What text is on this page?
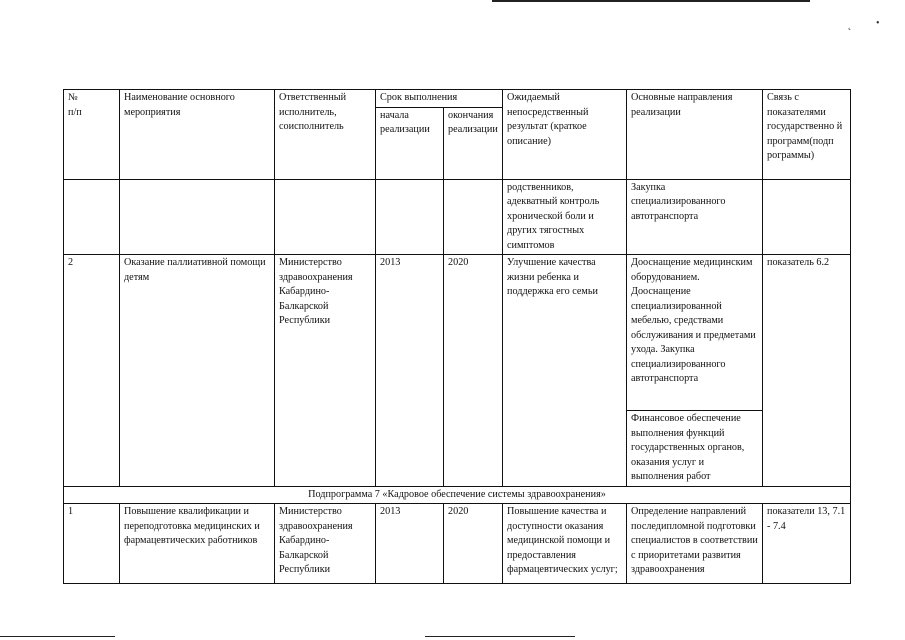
˛ •
№
п/п	Наименование основного мероприятия	Ответственный исполнитель, соисполнитель	Срок выполнения		Ожидаемый непосредственный результат (краткое описание)	Основные направления реализации	Связь с показателями государственно й программ(подп рограммы)
			начала реализации	окончания реализации			
					родственников, адекватный контроль хронической боли и других тягостных симптомов	Закупка специализированного автотранспорта	
2	Оказание паллиативной помощи детям	Министерство здравоохранения Кабардино-Балкарской Республики	2013	2020	Улучшение качества жизни ребенка и поддержка его семьи	Дооснащение медицинским оборудованием. Дооснащение специализированной мебелью, средствами обслуживания и предметами ухода. Закупка специализированного автотранспорта	показатель 6.2
						Финансовое обеспечение выполнения функций государственных органов, оказания услуг и выполнения работ	
Подпрограмма 7 «Кадровое обеспечение системы здравоохранения»							
1	Повышение квалификации и переподготовка медицинских и фармацевтических работников	Министерство здравоохранения Кабардино-Балкарской Республики	2013	2020	Повышение качества и доступности оказания медицинской помощи и предоставления фармацевтических услуг;	Определение направлений последипломной подготовки специалистов в соответствии с приоритетами развития здравоохранения	показатели 13, 7.1 - 7.4
